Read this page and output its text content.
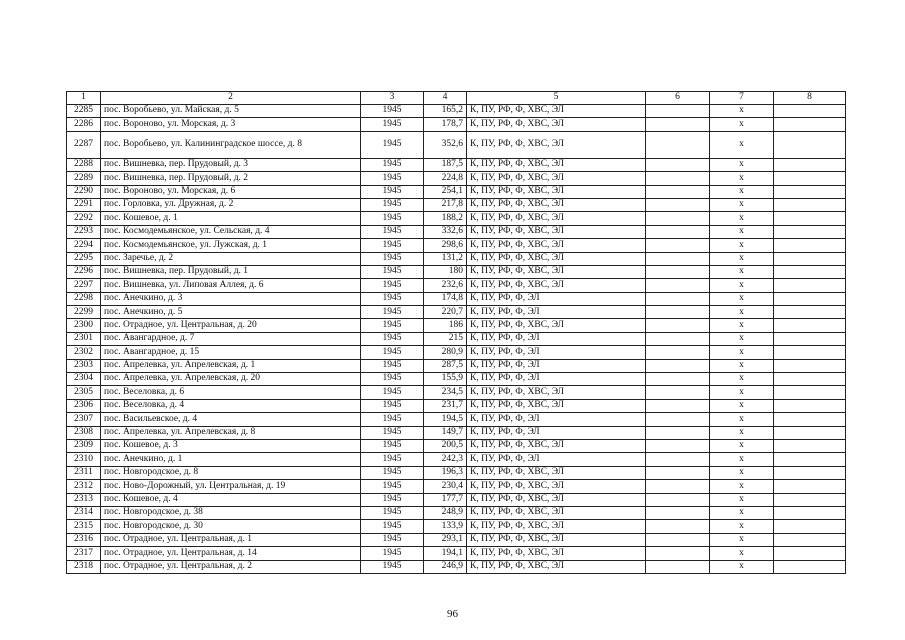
1	2	3	4	5	6	7	8
2285	пос. Воробьево, ул. Майская, д. 5	1945	165,2	К, ПУ, РФ, Ф, ХВС, ЭЛ		х	
2286	пос. Вороново, ул. Морская, д. 3	1945	178,7	К, ПУ, РФ, Ф, ХВС, ЭЛ		х	
2287	пос. Воробьево, ул. Калининградское шоссе, д. 8	1945	352,6	К, ПУ, РФ, Ф, ХВС, ЭЛ		х	
2288	пос. Вишневка, пер. Прудовый, д. 3	1945	187,5	К, ПУ, РФ, Ф, ХВС, ЭЛ		х	
2289	пос. Вишневка, пер. Прудовый, д. 2	1945	224,8	К, ПУ, РФ, Ф, ХВС, ЭЛ		х	
2290	пос. Вороново, ул. Морская, д. 6	1945	254,1	К, ПУ, РФ, Ф, ХВС, ЭЛ		х	
2291	пос. Горловка, ул. Дружная, д. 2	1945	217,8	К, ПУ, РФ, Ф, ХВС, ЭЛ		х	
2292	пос. Кошевое, д. 1	1945	188,2	К, ПУ, РФ, Ф, ХВС, ЭЛ		х	
2293	пос. Космодемьянское, ул. Сельская, д. 4	1945	332,6	К, ПУ, РФ, Ф, ХВС, ЭЛ		х	
2294	пос. Космодемьянское, ул. Лужская, д. 1	1945	298,6	К, ПУ, РФ, Ф, ХВС, ЭЛ		х	
2295	пос. Заречье, д. 2	1945	131,2	К, ПУ, РФ, Ф, ХВС, ЭЛ		х	
2296	пос. Вишневка, пер. Прудовый, д. 1	1945	180	К, ПУ, РФ, Ф, ХВС, ЭЛ		х	
2297	пос. Вишневка, ул. Липовая Аллея, д. 6	1945	232,6	К, ПУ, РФ, Ф, ХВС, ЭЛ		х	
2298	пос. Анечкино, д. 3	1945	174,8	К, ПУ, РФ, Ф, ЭЛ		х	
2299	пос. Анечкино, д. 5	1945	220,7	К, ПУ, РФ, Ф, ЭЛ		х	
2300	пос. Отрадное, ул. Центральная, д. 20	1945	186	К, ПУ, РФ, Ф, ХВС, ЭЛ		х	
2301	пос. Авангардное, д. 7	1945	215	К, ПУ, РФ, Ф, ЭЛ		х	
2302	пос. Авангардное, д. 15	1945	280,9	К, ПУ, РФ, Ф, ЭЛ		х	
2303	пос. Апрелевка, ул. Апрелевская, д. 1	1945	287,5	К, ПУ, РФ, Ф, ЭЛ		х	
2304	пос. Апрелевка, ул. Апрелевская, д. 20	1945	155,9	К, ПУ, РФ, Ф, ЭЛ		х	
2305	пос. Веселовка, д. 6	1945	234,5	К, ПУ, РФ, Ф, ХВС, ЭЛ		х	
2306	пос. Веселовка, д. 4	1945	231,7	К, ПУ, РФ, Ф, ХВС, ЭЛ		х	
2307	пос. Васильевское, д. 4	1945	194,5	К, ПУ, РФ, Ф, ЭЛ		х	
2308	пос. Апрелевка, ул. Апрелевская, д. 8	1945	149,7	К, ПУ, РФ, Ф, ЭЛ		х	
2309	пос. Кошевое, д. 3	1945	200,5	К, ПУ, РФ, Ф, ХВС, ЭЛ		х	
2310	пос. Анечкино, д. 1	1945	242,3	К, ПУ, РФ, Ф, ЭЛ		х	
2311	пос. Новгородское, д. 8	1945	196,3	К, ПУ, РФ, Ф, ХВС, ЭЛ		х	
2312	пос. Ново-Дорожный, ул. Центральная, д. 19	1945	230,4	К, ПУ, РФ, Ф, ХВС, ЭЛ		х	
2313	пос. Кошевое, д. 4	1945	177,7	К, ПУ, РФ, Ф, ХВС, ЭЛ		х	
2314	пос. Новгородское, д. 38	1945	248,9	К, ПУ, РФ, Ф, ХВС, ЭЛ		х	
2315	пос. Новгородское, д. 30	1945	133,9	К, ПУ, РФ, Ф, ХВС, ЭЛ		х	
2316	пос. Отрадное, ул. Центральная, д. 1	1945	293,1	К, ПУ, РФ, Ф, ХВС, ЭЛ		х	
2317	пос. Отрадное, ул. Центральная, д. 14	1945	194,1	К, ПУ, РФ, Ф, ХВС, ЭЛ		х	
2318	пос. Отрадное, ул. Центральная, д. 2	1945	246,9	К, ПУ, РФ, Ф, ХВС, ЭЛ		х	
96
